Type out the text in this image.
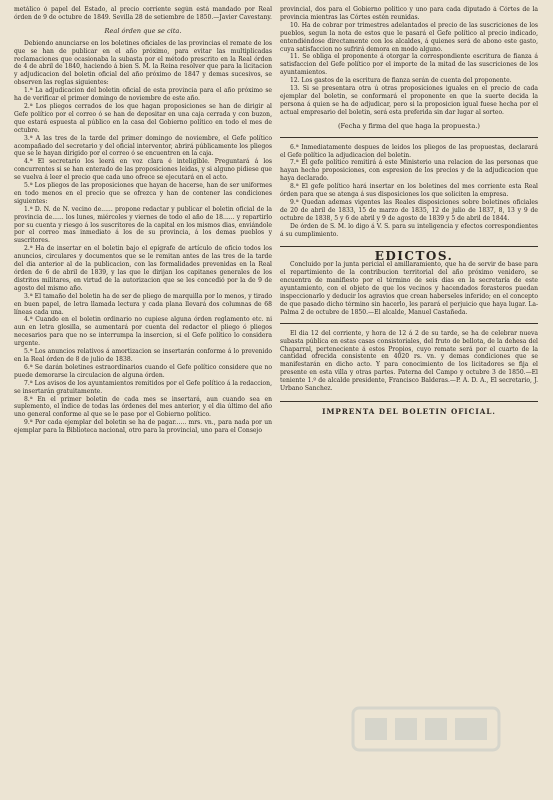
metálico ó papel del Estado, al precio corriente según está mandado por Real órden de 9 de octubre de 1849. Sevilla 28 de setiembre de 1850.—Javier Cavestany.

Real órden que se cita.

Debiendo anunciarse en los boletines oficiales de las provincias el remate de los que se han de publicar en el año próximo, para evitar las multiplicadas reclamaciones que ocasionaba la subasta por el método prescrito en la Real órden de 4 de abril de 1840, haciendo á bien S. M. la Reina resolver que para la licitacion y adjudicacion del boletin oficial del año próximo de 1847 y demas sucesivos, se observen las reglas siguientes:

1.ª La adjudicacion del boletin oficial de esta provincia para el año próximo se ha de verificar el primer domingo de noviembre de este año.

2.ª Los pliegos cerrados de los que hagan proposiciones se han de dirigir al Gefe político por el correo ó se han de depositar en una caja cerrada y con buzon, que estará espuesta al público en la casa del Gobierno político en todo el mes de octubre.

3.ª A las tres de la tarde del primer domingo de noviembre, el Gefe político acompañado del secretario y del oficial interventor, abrirá públicamente los pliegos que se le hayan dirigido por el correo ó se encuentren en la caja.

4.ª El secretario los leerá en voz clara é inteligible. Preguntará á los concurrentes si se han enterado de las proposiciones leidas, y si alguno pidiese que se vuelva á leer el precio que cada uno ofrece se ejecutará en el acto.

5.ª Los pliegos de las proposiciones que hayan de hacerse, han de ser uniformes en todo menos en el precio que se ofrezca y han de contener las condiciones siguientes:

1.ª D. N. de N. vecino de...... propone redactar y publicar el boletin oficial de la provincia de...... los lunes, miércoles y viernes de todo el año de 18...... y repartirlo por su cuenta y riesgo á los suscritores de la capital en los mismos dias, enviándole por el correo mas inmediato á los de su provincia, á los demas pueblos y suscritores.

2.ª Ha de insertar en el boletin bajo el epígrafe de artículo de oficio todos los anuncios, circulares y documentos que se le remitan antes de las tres de la tarde del dia anterior al de la publicacion, con las formalidades prevenidas en la Real órden de 6 de abril de 1839, y las que le dirijan los capitanes generales de los distritos militares, en virtud de la autorizacion que se les concedió por la de 9 de agosto del mismo año.

3.ª El tamaño del boletin ha de ser de pliego de marquilla por lo menos, y tirado en buen papel, de letra llamada lectura y cada plana llevará dos columnas de 68 líneas cada una.

4.ª Cuando en el boletin ordinario no cupiese alguna órden reglamento etc. ni aun en letra glosilla, se aumentará por cuenta del redactor el pliego ó pliegos necesarios para que no se interrumpa la insercion, si el Gefe político lo considera urgente.

5.ª Los anuncios relativos á amortizacion se insertarán conforme á lo prevenido en la Real órden de 8 de julio de 1838.

6.ª Se darán boletines estraordinarios cuando el Gefe político considere que no puede demorarse la circulacion de alguna órden.

7.ª Los avisos de los ayuntamientos remitidos por el Gefe político á la redaccion, se insertarán gratuitamente.

8.ª En el primer boletin de cada mes se insertará, aun cuando sea en suplemento, el índice de todas las órdenes del mes anterior, y el dia último del año uno general conforme al que se le pase por el Gobierno político.

9.ª Por cada ejemplar del boletin se ha de pagar...... mrs. vn., para nada por un ejemplar para la Biblioteca nacional, otro para la provincial, uno para el Consejo

provincial, dos para el Gobierno político y uno para cada diputado á Córtes de la provincia mientras las Córtes estén reunidas.

10. Ha de cobrar por trimestres adelantados el precio de las suscriciones de los pueblos, segun la nota de estos que le pasará el Gefe político al precio indicado, entendiéndose directamente con los alcaldes, á quienes será de abono este gasto, cuya satisfaccion no sufrirá demora en modo alguno.

11. Se obliga el proponente á otorgar la correspondiente escritura de fianza á satisfaccion del Gefe político por el importe de la mitad de las suscriciones de los ayuntamientos.

12. Los gastos de la escritura de fianza serán de cuenta del proponente.

13. Si se presentara otra ú otras proposiciones iguales en el precio de cada ejemplar del boletin, se conformará el proponente en que la suerte decida la persona á quien se ha de adjudicar, pero si la proposicion igual fuese hecha por el actual empresario del boletin, será esta preferida sin dar lugar al sorteo.

(Fecha y firma del que haga la propuesta.)

6.ª Inmediatamente despues de leidos los pliegos de las propuestas, declarará el Gefe político la adjudicacion del boletin.

7.ª El gefe político remitirá á este Ministerio una relacion de las personas que hayan hecho proposiciones, con espresion de los precios y de la adjudicacion que haya declarado.

8.ª El gefe político hará insertar en los boletines del mes corriente esta Real órden para que se atenga á sus disposiciones los que soliciten la empresa.

9.ª Quedan ademas vigentes las Reales disposiciones sobre boletines oficiales de 20 de abril de 1833, 15 de marzo de 1835, 12 de julio de 1837, 8, 13 y 9 de octubre de 1838, 5 y 6 de abril y 9 de agosto de 1839 y 5 de abril de 1844.

De órden de S. M. lo digo á V. S. para su inteligencia y efectos correspondientes á su cumplimiento.

EDICTOS.

Concluido por la junta pericial el amillaramiento, que ha de servir de base para el repartimiento de la contribucion territorial del año próximo venidero, se encuentra de manifiesto por el término de seis dias en la secretaría de este ayuntamiento, con el objeto de que los vecinos y hacendados forasteros puedan inspeccionarlo y deducir los agravios que crean haberseles inferido; en el concepto de que pasado dicho término sin hacerlo, les parará el perjuicio que haya lugar. La-Palma 2 de octubre de 1850.—El alcalde, Manuel Castañeda.

El dia 12 del corriente, y hora de 12 á 2 de su tarde, se ha de celebrar nueva subasta pública en estas casas consistoriales, del fruto de bellota, de la dehesa del Chaparral, perteneciente á estos Propios, cuyo remate será por el cuarto de la cantidad ofrecida consistente en 4020 rs. vn. y demas condiciones que se manifestarán en dicho acto. Y para conocimiento de los licitadores se fija el presente en esta villa y otras partes. Paterna del Campo y octubre 3 de 1850.—El teniente 1.º de alcalde presidente, Francisco Balderas.—P. A. D. A., El secretario, J. Urbano Sanchez.

IMPRENTA DEL BOLETIN OFICIAL.
